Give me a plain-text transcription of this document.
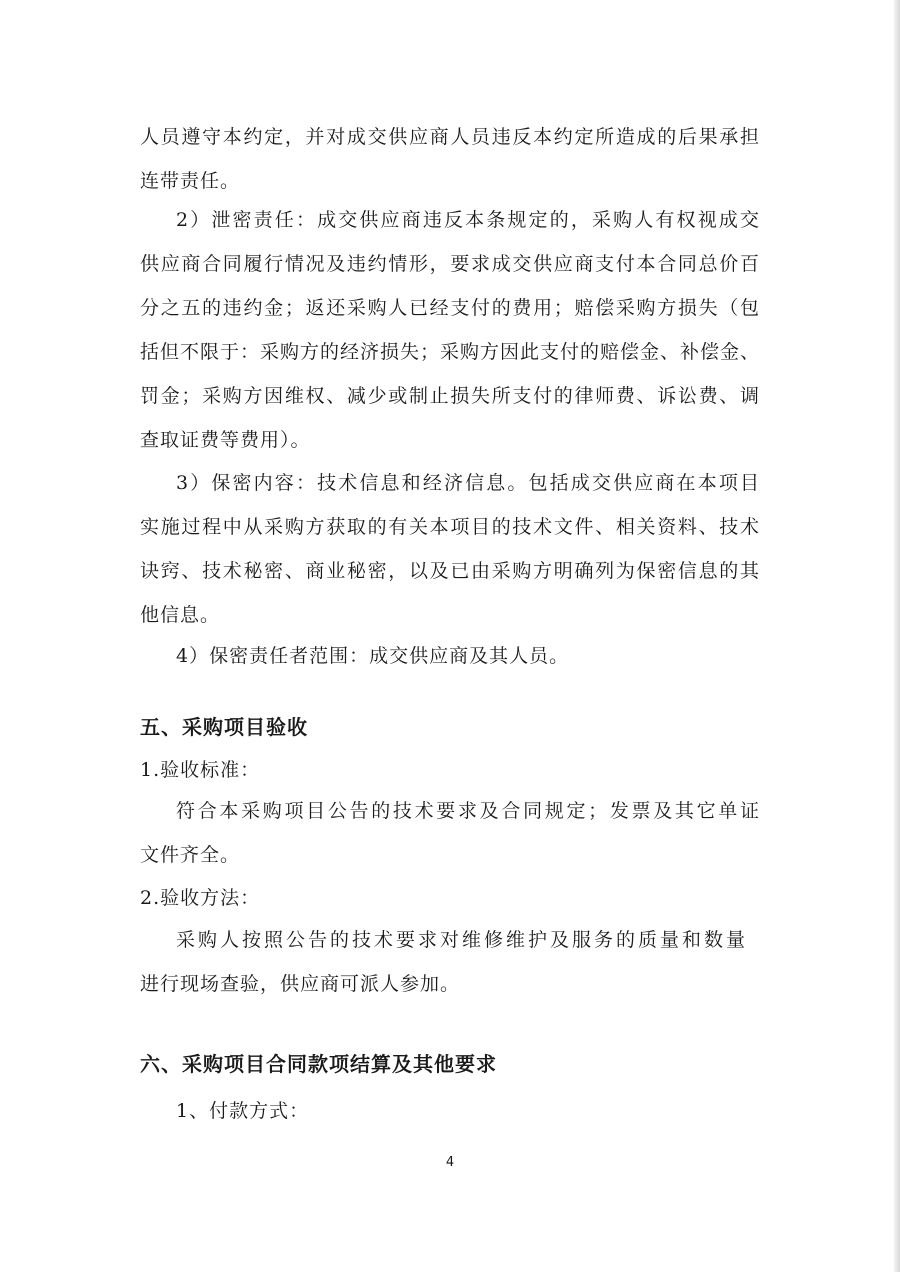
人员遵守本约定，并对成交供应商人员违反本约定所造成的后果承担
连带责任。
2）泄密责任：成交供应商违反本条规定的，采购人有权视成交
供应商合同履行情况及违约情形，要求成交供应商支付本合同总价百
分之五的违约金；返还采购人已经支付的费用；赔偿采购方损失（包
括但不限于：采购方的经济损失；采购方因此支付的赔偿金、补偿金、
罚金；采购方因维权、减少或制止损失所支付的律师费、诉讼费、调
查取证费等费用）。
3）保密内容：技术信息和经济信息。包括成交供应商在本项目
实施过程中从采购方获取的有关本项目的技术文件、相关资料、技术
诀窍、技术秘密、商业秘密，以及已由采购方明确列为保密信息的其
他信息。
4）保密责任者范围：成交供应商及其人员。
五、采购项目验收
1.验收标准：
符合本采购项目公告的技术要求及合同规定；发票及其它单证
文件齐全。
2.验收方法：
采购人按照公告的技术要求对维修维护及服务的质量和数量
进行现场查验，供应商可派人参加。
六、采购项目合同款项结算及其他要求
1、付款方式：
4
